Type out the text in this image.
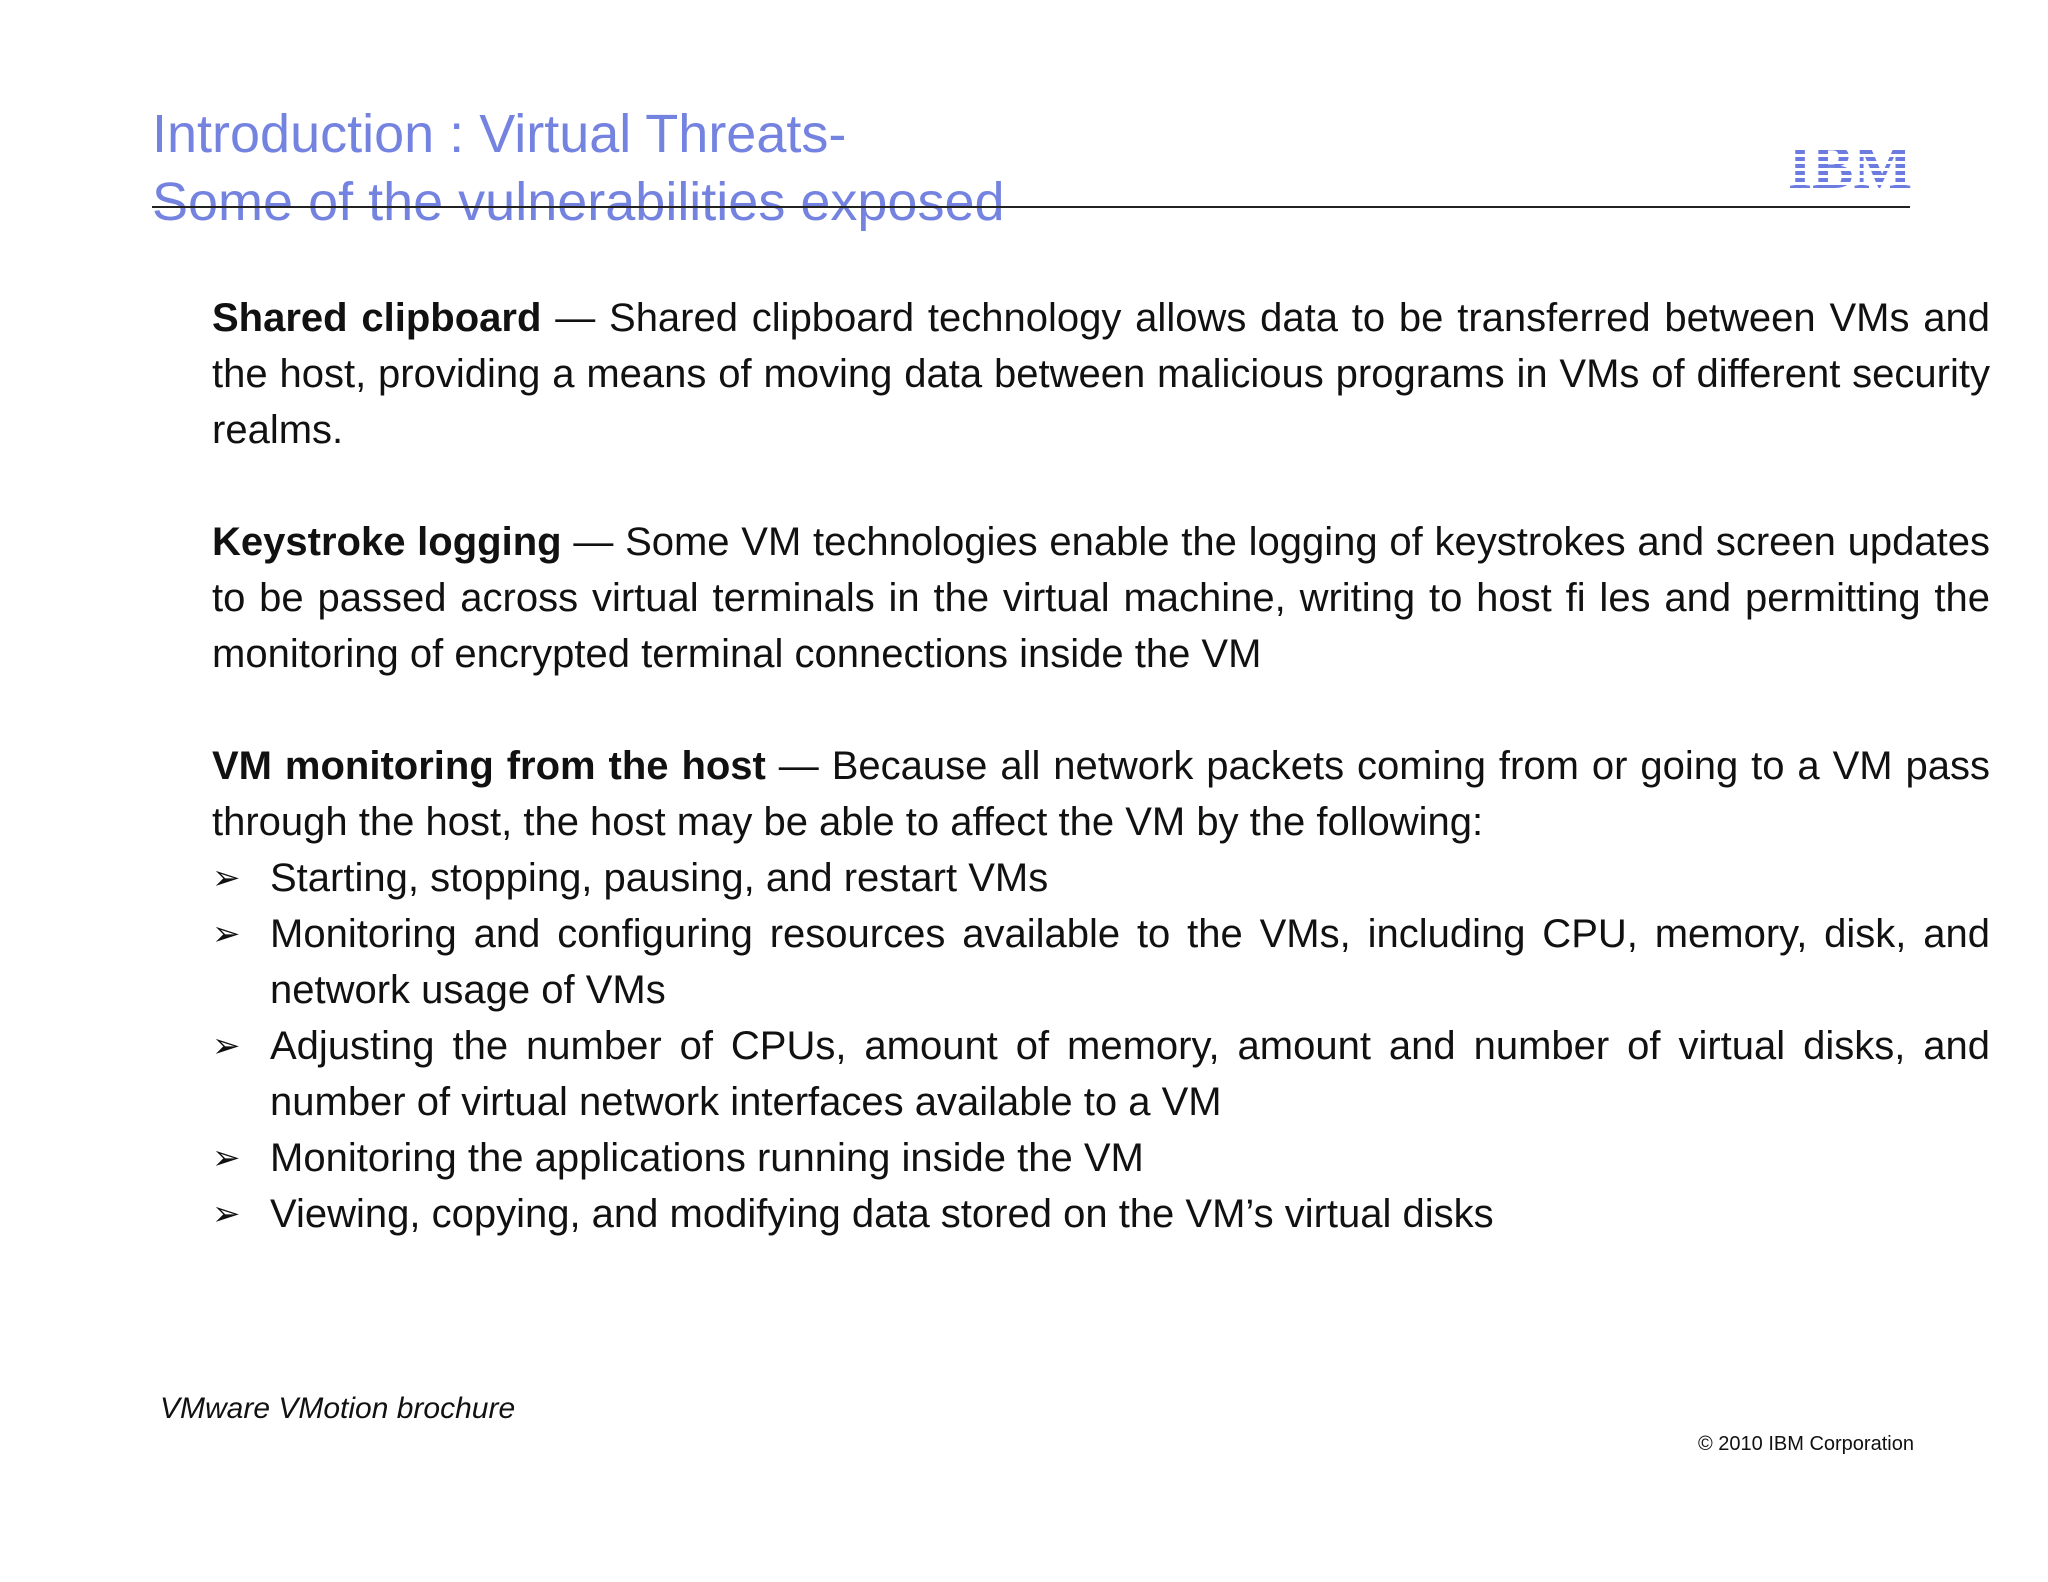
Introduction : Virtual Threats-
Some of the vulnerabilities exposed

Shared clipboard — Shared clipboard technology allows data to be transferred between VMs and the host, providing a means of moving data between malicious programs in VMs of different security realms.

Keystroke logging — Some VM technologies enable the logging of keystrokes and screen updates to be passed across virtual terminals in the virtual machine, writing to host fi les and permitting the monitoring of encrypted terminal connections inside the VM

VM monitoring from the host — Because all network packets coming from or going to a VM pass through the host, the host may be able to affect the VM by the following:

➢ Starting, stopping, pausing, and restart VMs
➢ Monitoring and configuring resources available to the VMs, including CPU, memory, disk, and network usage of VMs
➢ Adjusting the number of CPUs, amount of memory, amount and number of virtual disks, and number of virtual network interfaces available to a VM
➢ Monitoring the applications running inside the VM
➢ Viewing, copying, and modifying data stored on the VM’s virtual disks
VMware VMotion brochure
© 2010 IBM Corporation
